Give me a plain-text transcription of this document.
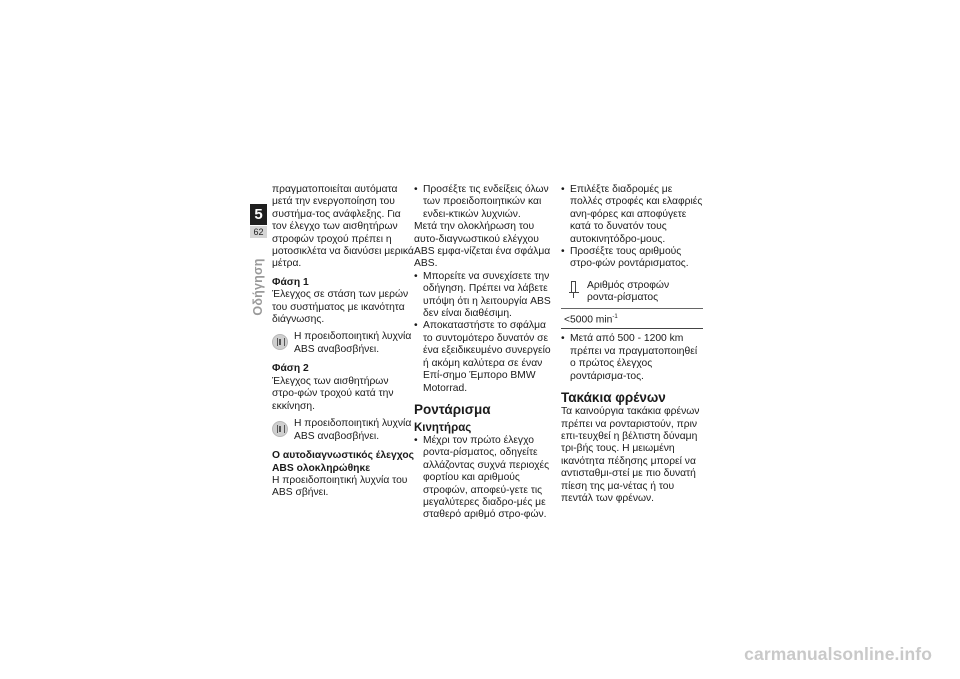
5
62
Οδήγηση

πραγματοποιείται αυτόματα μετά την ενεργοποίηση του συστήμα-τος ανάφλεξης. Για τον έλεγχο των αισθητήρων στροφών τροχού πρέπει η μοτοσικλέτα να διανύσει μερικά μέτρα.

Φάση 1

Έλεγχος σε στάση των μερών του συστήματος με ικανότητα διάγνωσης.

Η προειδοποιητική λυχνία ABS αναβοσβήνει.

Φάση 2

Έλεγχος των αισθητήρων στρο-φών τροχού κατά την εκκίνηση.

Η προειδοποιητική λυχνία ABS αναβοσβήνει.

Ο αυτοδιαγνωστικός έλεγχος ABS ολοκληρώθηκε

Η προειδοποιητική λυχνία του ABS σβήνει.

• Προσέξτε τις ενδείξεις όλων των προειδοποιητικών και ενδει-κτικών λυχνιών.

Μετά την ολοκλήρωση του αυτο-διαγνωστικού ελέγχου ABS εμφα-νίζεται ένα σφάλμα ABS.

• Μπορείτε να συνεχίσετε την οδήγηση. Πρέπει να λάβετε υπόψη ότι η λειτουργία ABS δεν είναι διαθέσιμη.
• Αποκαταστήστε το σφάλμα το συντομότερο δυνατόν σε ένα εξειδικευμένο συνεργείο ή ακόμη καλύτερα σε έναν Επί-σημο Έμπορο BMW Motorrad.

Ροντάρισμα

Κινητήρας

• Μέχρι τον πρώτο έλεγχο ροντα-ρίσματος, οδηγείτε αλλάζοντας συχνά περιοχές φορτίου και αριθμούς στροφών, αποφεύ-γετε τις μεγαλύτερες διαδρο-μές με σταθερό αριθμό στρο-φών.
• Επιλέξτε διαδρομές με πολλές στροφές και ελαφριές ανη-φόρες και αποφύγετε κατά το δυνατόν τους αυτοκινητόδρο-μους.
• Προσέξτε τους αριθμούς στρο-φών ροντάρισματος.
Αριθμός στροφών ροντα-ρίσματος
<5000 $\min^{-1}$
• Μετά από 500 - 1200 km πρέπει να πραγματοποιηθεί ο πρώτος έλεγχος ροντάρισμα-τος.

Τακάκια φρένων

Τα καινούργια τακάκια φρένων πρέπει να ρονταριστούν, πριν επι-τευχθεί η βέλτιστη δύναμη τρι-βής τους. Η μειωμένη ικανότητα πέδησης μπορεί να αντισταθμι-στεί με πιο δυνατή πίεση της μα-νέτας ή του πεντάλ των φρένων.

carmanualsonline.info
